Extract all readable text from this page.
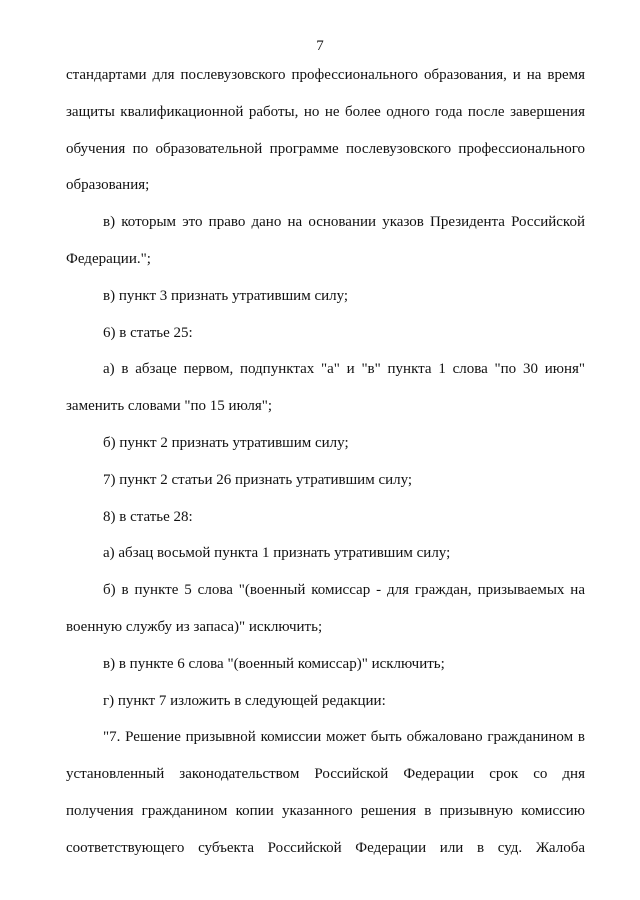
7

стандартами для послевузовского профессионального образования, и на время защиты квалификационной работы, но не более одного года после завершения обучения по образовательной программе послевузовского профессионального образования;

в) которым это право дано на основании указов Президента Российской Федерации.";

в) пункт 3 признать утратившим силу;

6) в статье 25:

а) в абзаце первом, подпунктах "а" и "в" пункта 1 слова "по 30 июня" заменить словами "по 15 июля";

б) пункт 2 признать утратившим силу;

7) пункт 2 статьи 26 признать утратившим силу;

8) в статье 28:

а) абзац восьмой пункта 1 признать утратившим силу;

б) в пункте 5 слова "(военный комиссар - для граждан, призываемых на военную службу из запаса)" исключить;

в) в пункте 6 слова "(военный комиссар)" исключить;

г) пункт 7 изложить в следующей редакции:

"7. Решение призывной комиссии может быть обжаловано гражданином в установленный законодательством Российской Федерации срок со дня получения гражданином копии указанного решения в призывную комиссию соответствующего субъекта Российской Федерации или в суд. Жалоба
